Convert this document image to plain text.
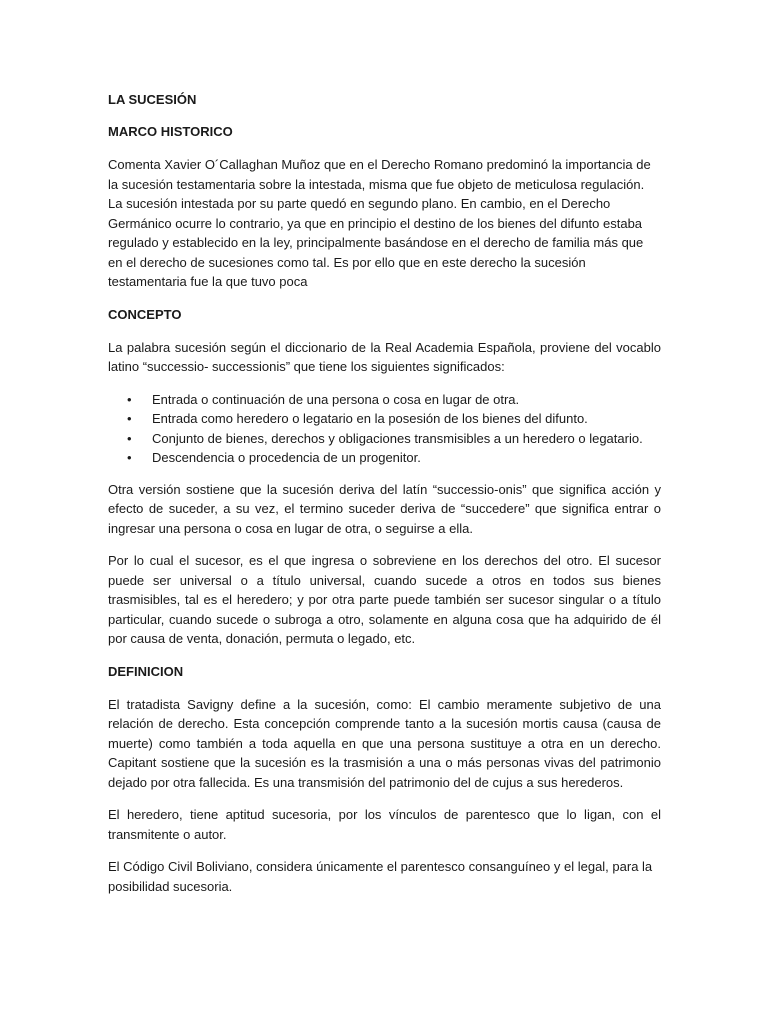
LA SUCESIÓN
MARCO HISTORICO

Comenta Xavier O´Callaghan Muñoz que en el Derecho Romano predominó la importancia de la sucesión testamentaria sobre la intestada, misma que fue objeto de meticulosa regulación. La sucesión intestada por su parte quedó en segundo plano. En cambio, en el Derecho Germánico ocurre lo contrario, ya que en principio el destino de los bienes del difunto estaba regulado y establecido en la ley, principalmente basándose en el derecho de familia más que en el derecho de sucesiones como tal. Es por ello que en este derecho la sucesión testamentaria fue la que tuvo poca

CONCEPTO

La palabra sucesión según el diccionario de la Real Academia Española, proviene del vocablo latino “successio- successionis” que tiene los siguientes significados:

• Entrada o continuación de una persona o cosa en lugar de otra.
• Entrada como heredero o legatario en la posesión de los bienes del difunto.
• Conjunto de bienes, derechos y obligaciones transmisibles a un heredero o legatario.
• Descendencia o procedencia de un progenitor.

Otra versión sostiene que la sucesión deriva del latín “successio-onis” que significa acción y efecto de suceder, a su vez, el termino suceder deriva de “succedere” que significa entrar o ingresar una persona o cosa en lugar de otra, o seguirse a ella.

Por lo cual el sucesor, es el que ingresa o sobreviene en los derechos del otro. El sucesor puede ser universal o a título universal, cuando sucede a otros en todos sus bienes trasmisibles, tal es el heredero; y por otra parte puede también ser sucesor singular o a título particular, cuando sucede o subroga a otro, solamente en alguna cosa que ha adquirido de él por causa de venta, donación, permuta o legado, etc.

DEFINICION

El tratadista Savigny define a la sucesión, como: El cambio meramente subjetivo de una relación de derecho. Esta concepción comprende tanto a la sucesión mortis causa (causa de muerte) como también a toda aquella en que una persona sustituye a otra en un derecho. Capitant sostiene que la sucesión es la trasmisión a una o más personas vivas del patrimonio dejado por otra fallecida. Es una transmisión del patrimonio del de cujus a sus herederos.

El heredero, tiene aptitud sucesoria, por los vínculos de parentesco que lo ligan, con el transmitente o autor.

El Código Civil Boliviano, considera únicamente el parentesco consanguíneo y el legal, para la posibilidad sucesoria.
